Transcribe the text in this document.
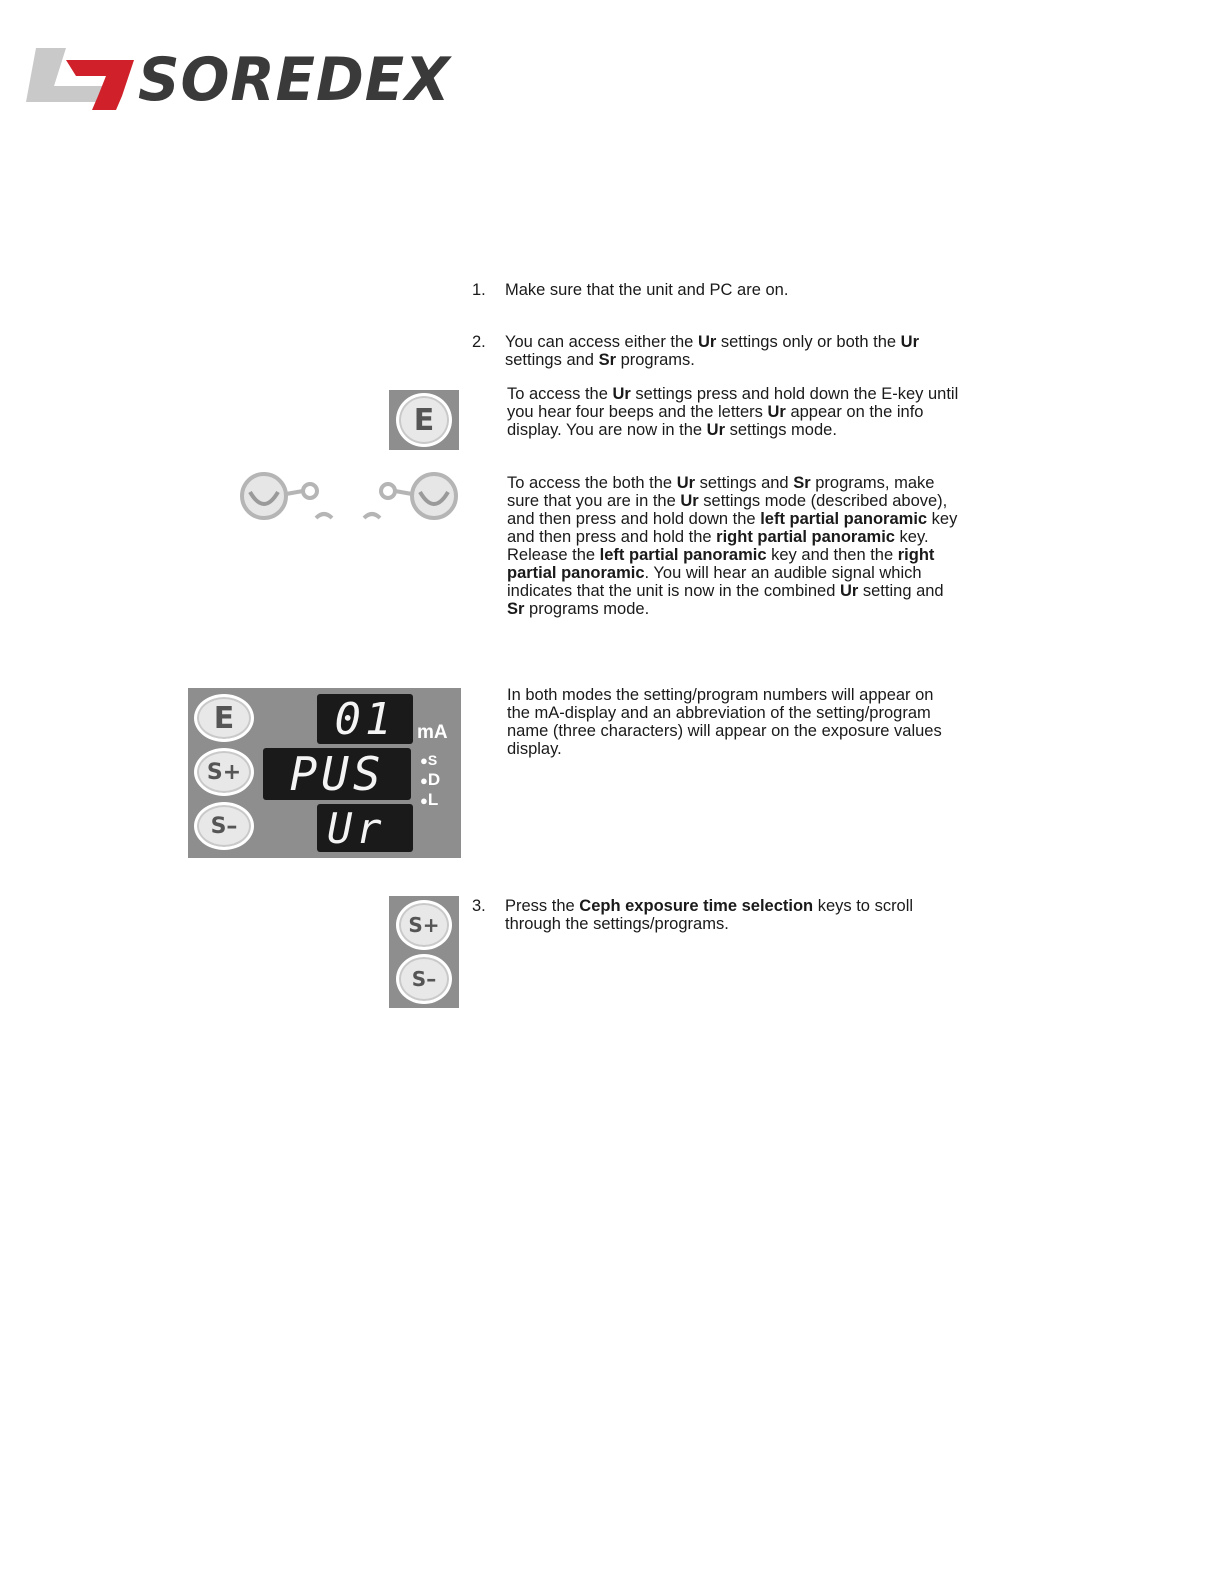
SOREDEX
1.	Make sure that the unit and PC are on.
2.	You can access either the Ur settings only or both the Ur settings and Sr programs.
E
To access the Ur settings press and hold down the E-key until you hear four beeps and the letters Ur appear on the info display. You are now in the Ur settings mode.
To access the both the Ur settings and Sr programs, make sure that you are in the Ur settings mode (described above), and then press and hold down the left partial panoramic key and then press and hold the right partial panoramic key.
Release the left partial panoramic key and then the right partial panoramic. You will hear an audible signal which indicates that the unit is now in the combined Ur setting and Sr programs mode.
E
S+
S–
01	mA
PUS	●S
●D
●L
Ur
In both modes the setting/program numbers will appear on the mA-display and an abbreviation of the setting/program name (three characters) will appear on the exposure values display.
S+
S–
3.	Press the Ceph exposure time selection keys to scroll through the settings/programs.
